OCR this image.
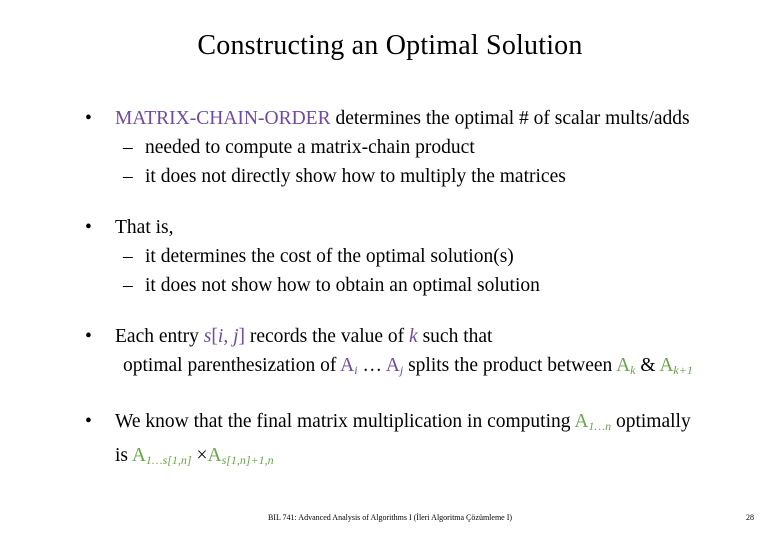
Constructing an Optimal Solution
• MATRIX-CHAIN-ORDER determines the optimal # of scalar mults/adds
– needed to compute a matrix-chain product
– it does not directly show how to multiply the matrices
• That is,
– it determines the cost of the optimal solution(s)
– it does not show how to obtain an optimal solution
• Each entry s[i, j] records the value of k such that
optimal parenthesization of $A_i$ … $A_j$ splits the product between $A_k$ & $A_{k+1}$
• We know that the final matrix multiplication in computing $A_{1\dots n}$ optimally
is $A_{1\dots s[1,n]} \times A_{s[1,n]+1,n}$
BIL 741: Advanced Analysis of Algorithms I (İleri Algoritma Çözümleme I)	28
